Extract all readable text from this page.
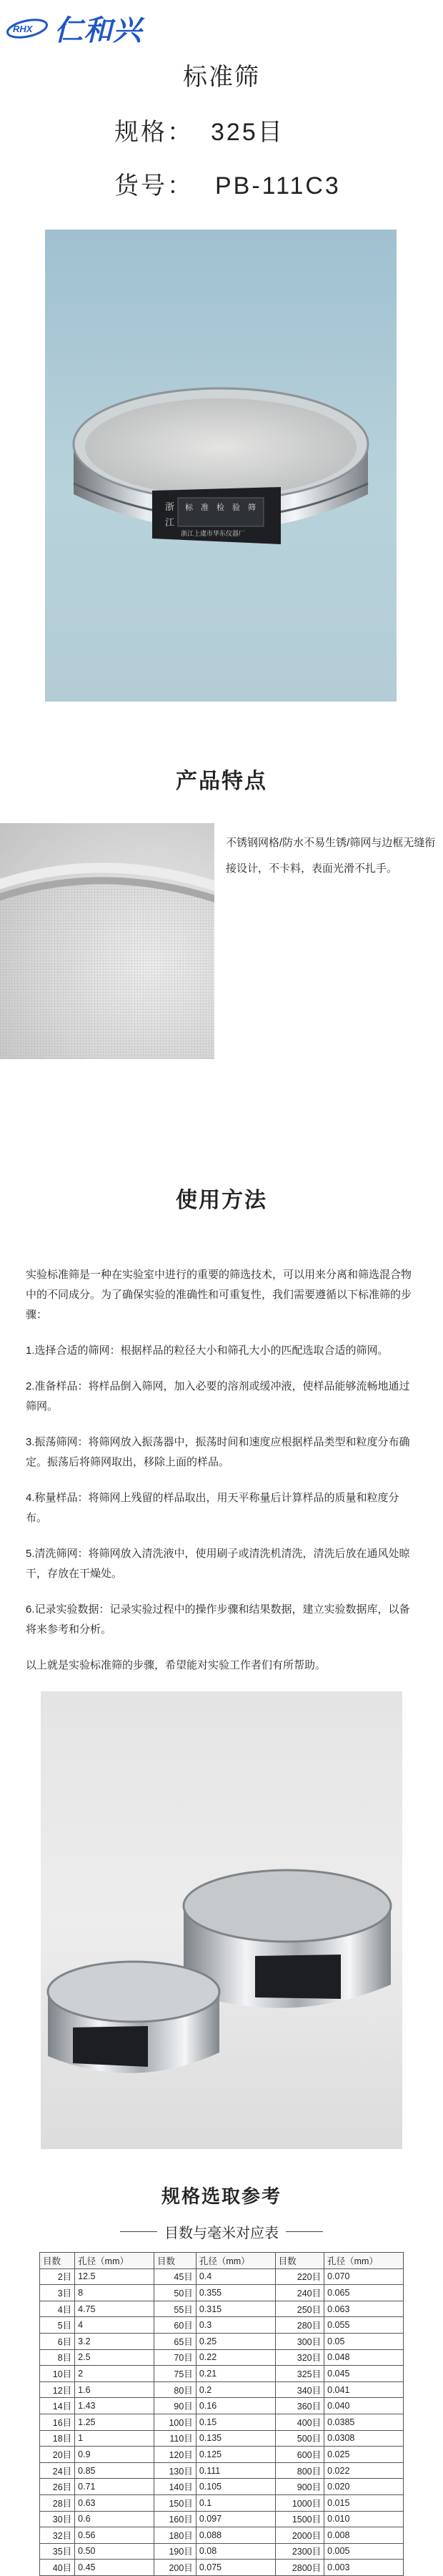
RHX 仁和兴
标准筛
规格： 325目
货号： PB-111C3
浙
江
标 准 检 验 筛
浙江上虞市华东仪器厂
产品特点
不锈钢网格/防水不易生锈/筛网与边框无缝衔接设计，不卡料，表面光滑不扎手。
使用方法

实验标准筛是一种在实验室中进行的重要的筛选技术，可以用来分离和筛选混合物中的不同成分。为了确保实验的准确性和可重复性，我们需要遵循以下标准筛的步骤：

1.选择合适的筛网：根据样品的粒径大小和筛孔大小的匹配选取合适的筛网。

2.准备样品：将样品倒入筛网，加入必要的溶剂或缓冲液，使样品能够流畅地通过筛网。

3.振荡筛网：将筛网放入振荡器中，振荡时间和速度应根据样品类型和粒度分布确定。振荡后将筛网取出，移除上面的样品。

4.称量样品：将筛网上残留的样品取出，用天平称量后计算样品的质量和粒度分布。

5.清洗筛网：将筛网放入清洗液中，使用刷子或清洗机清洗，清洗后放在通风处晾干，存放在干燥处。

6.记录实验数据：记录实验过程中的操作步骤和结果数据，建立实验数据库，以备将来参考和分析。

以上就是实验标准筛的步骤，希望能对实验工作者们有所帮助。

规格选取参考
目数与毫米对应表
目数	孔径（mm）	目数	孔径（mm）	目数	孔径（mm）
2目	12.5	45目	0.4	220目	0.070
3目	8	50目	0.355	240目	0.065
4目	4.75	55目	0.315	250目	0.063
5目	4	60目	0.3	280目	0.055
6目	3.2	65目	0.25	300目	0.05
8目	2.5	70目	0.22	320目	0.048
10目	2	75目	0.21	325目	0.045
12目	1.6	80目	0.2	340目	0.041
14目	1.43	90目	0.16	360目	0.040
16目	1.25	100目	0.15	400目	0.0385
18目	1	110目	0.135	500目	0.0308
20目	0.9	120目	0.125	600目	0.025
24目	0.85	130目	0.111	800目	0.022
26目	0.71	140目	0.105	900目	0.020
28目	0.63	150目	0.1	1000目	0.015
30目	0.6	160目	0.097	1500目	0.010
32目	0.56	180目	0.088	2000目	0.008
35目	0.50	190目	0.08	2300目	0.005
40目	0.45	200目	0.075	2800目	0.003
